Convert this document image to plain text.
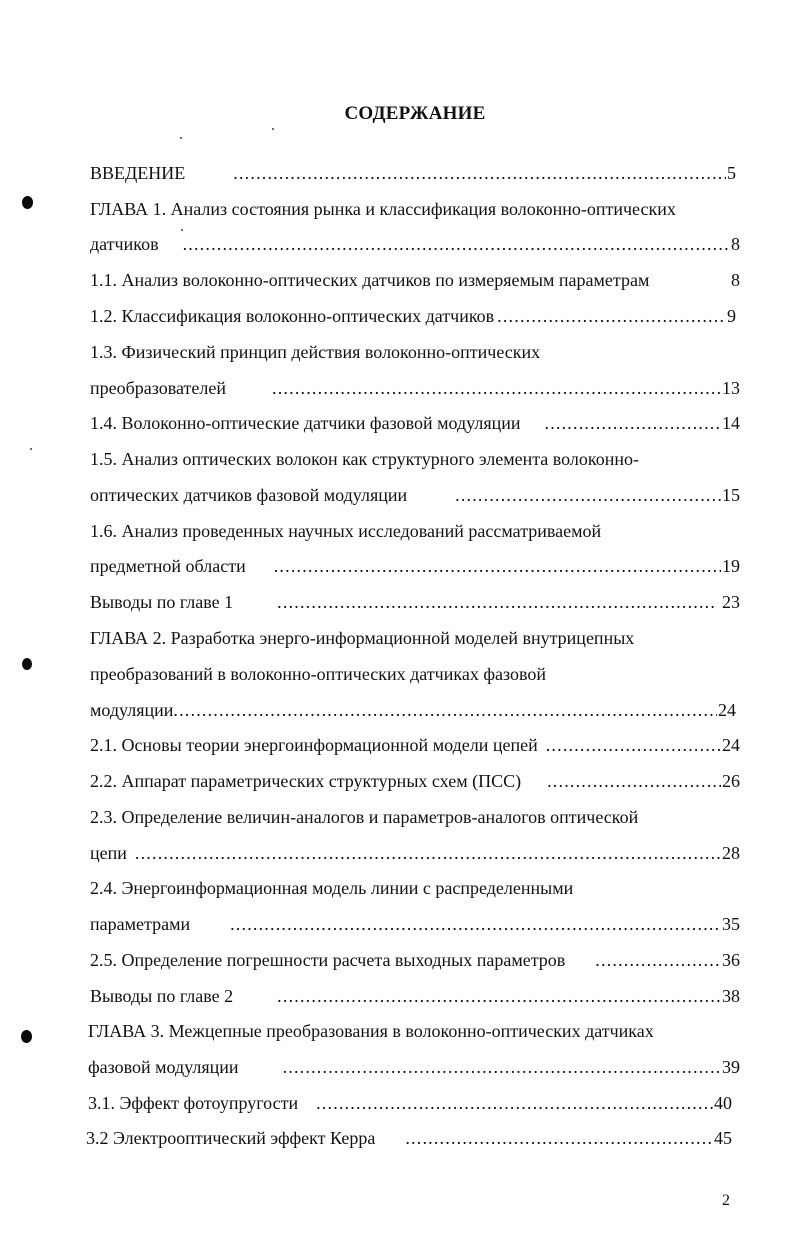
СОДЕРЖАНИЕ
ВВЕДЕНИЕ .....	5
ГЛАВА 1. Анализ состояния рынка и классификация волоконно-оптических
датчиков .....	8
1.1. Анализ волоконно-оптических датчиков по измеряемым параметрам	8
1.2. Классификация волоконно-оптических датчиков .....	9
1.3. Физический принцип действия волоконно-оптических
преобразователей .....	13
1.4. Волоконно-оптические датчики фазовой модуляции .....	14
1.5. Анализ оптических волокон как структурного элемента волоконно-
оптических датчиков фазовой модуляции .....	15
1.6. Анализ проведенных научных исследований рассматриваемой
предметной области .....	19
Выводы по главе 1 .....	23
ГЛАВА 2. Разработка энерго-информационной моделей внутрицепных
преобразований в волоконно-оптических датчиках фазовой
модуляции .....	24
2.1. Основы теории энергоинформационной модели цепей .....	24
2.2. Аппарат параметрических структурных схем (ПСС) .....	26
2.3. Определение величин-аналогов и параметров-аналогов оптической
цепи .....	28
2.4. Энергоинформационная модель линии с распределенными
параметрами .....	35
2.5. Определение погрешности расчета выходных параметров .....	36
Выводы по главе 2 .....	38
ГЛАВА 3. Межцепные преобразования в волоконно-оптических датчиках
фазовой модуляции .....	39
3.1. Эффект фотоупругости .....	40
3.2 Электрооптический эффект Керра .....	45
2
